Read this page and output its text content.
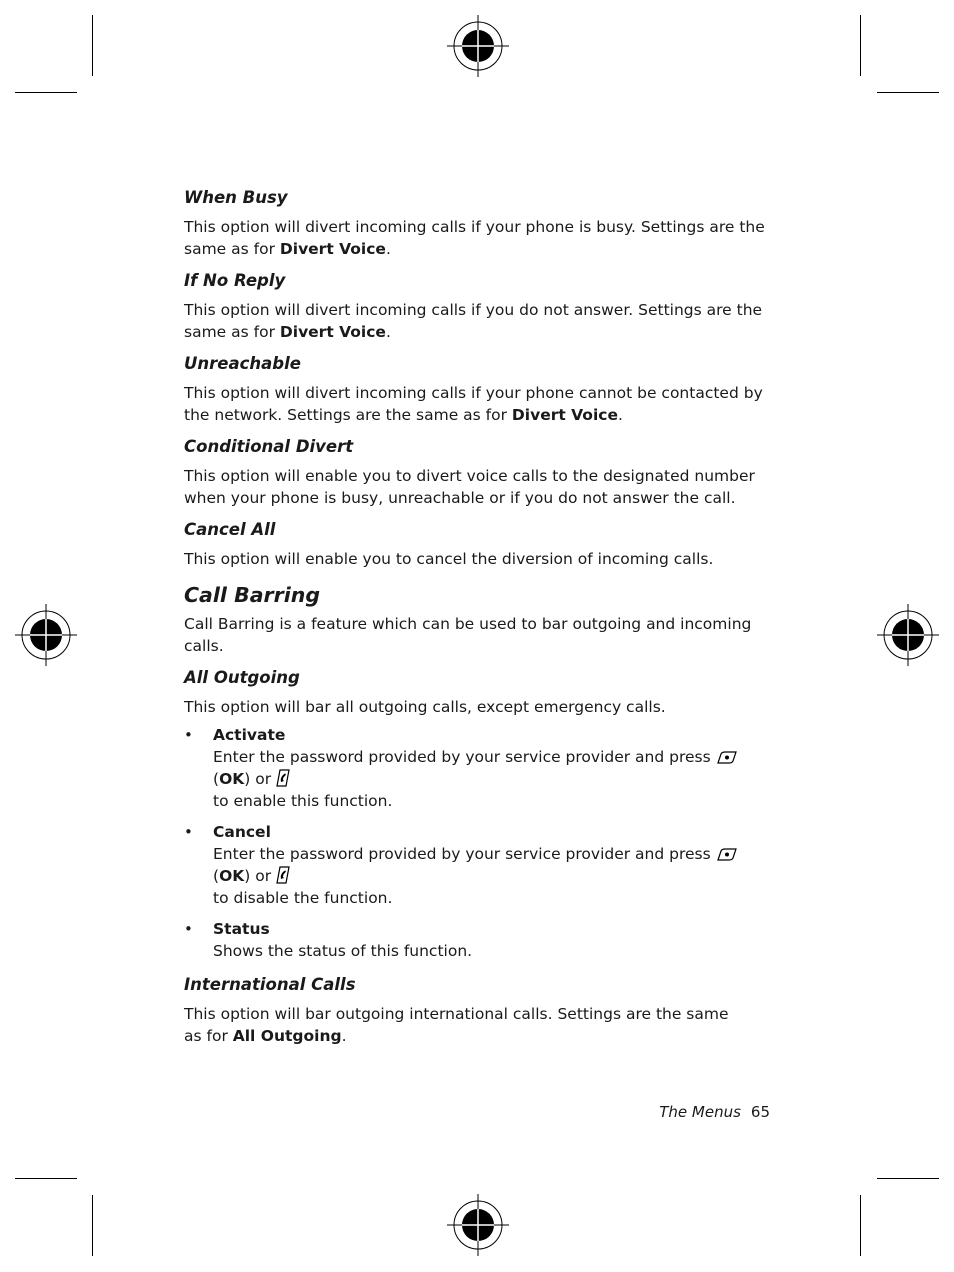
When Busy

This option will divert incoming calls if your phone is busy. Settings are the same as for Divert Voice.

If No Reply

This option will divert incoming calls if you do not answer. Settings are the same as for Divert Voice.

Unreachable

This option will divert incoming calls if your phone cannot be contacted by the network. Settings are the same as for Divert Voice.

Conditional Divert

This option will enable you to divert voice calls to the designated number when your phone is busy, unreachable or if you do not answer the call.

Cancel All

This option will enable you to cancel the diversion of incoming calls.

Call Barring

Call Barring is a feature which can be used to bar outgoing and incoming calls.

All Outgoing

This option will bar all outgoing calls, except emergency calls.

• Activate
Enter the password provided by your service provider and press  (OK) or
to enable this function.
• Cancel
Enter the password provided by your service provider and press  (OK) or
to disable the function.
• Status
Shows the status of this function.
International Calls

This option will bar outgoing international calls. Settings are the same as for All Outgoing.

The Menus 65
